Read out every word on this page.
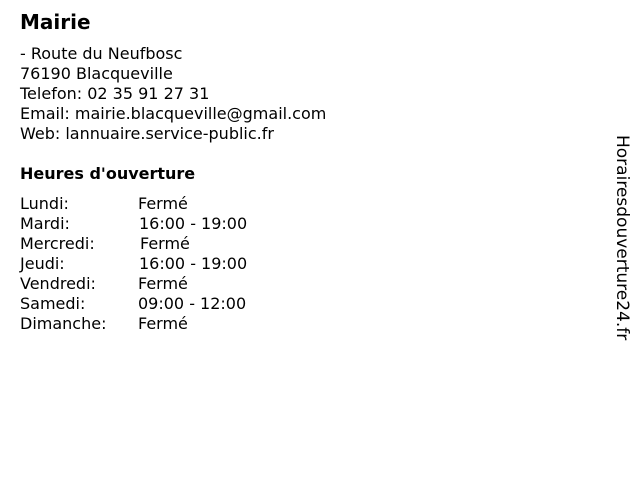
Mairie
- Route du Neufbosc
76190 Blacqueville
Telefon: 02 35 91 27 31
Email: mairie.blacqueville@gmail.com
Web: lannuaire.service-public.fr
Heures d'ouverture
Lundi:	Fermé
Mardi:	16:00 - 19:00
Mercredi:	Fermé
Jeudi:	16:00 - 19:00
Vendredi:	Fermé
Samedi:	09:00 - 12:00
Dimanche: Fermé	Horairesdouverture24.fr
